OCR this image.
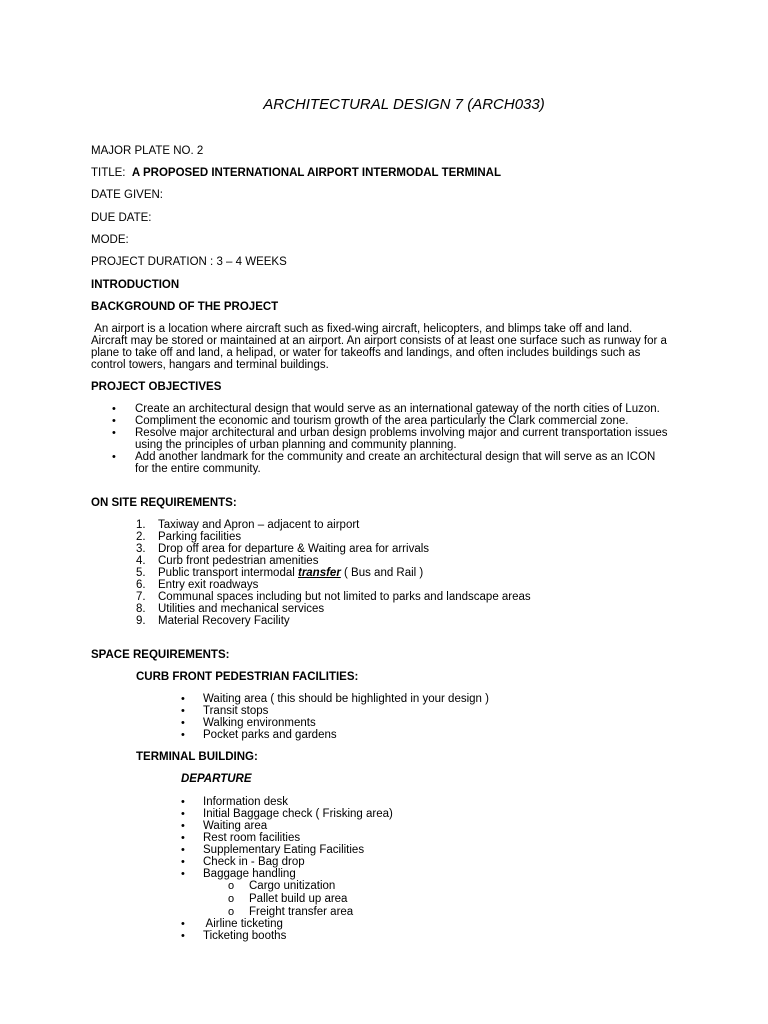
ARCHITECTURAL DESIGN 7 (ARCH033)
MAJOR PLATE NO. 2
TITLE: A PROPOSED INTERNATIONAL AIRPORT INTERMODAL TERMINAL
DATE GIVEN:
DUE DATE:
MODE:
PROJECT DURATION : 3 – 4 WEEKS
INTRODUCTION
BACKGROUND OF THE PROJECT
An airport is a location where aircraft such as fixed-wing aircraft, helicopters, and blimps take off and land. Aircraft may be stored or maintained at an airport. An airport consists of at least one surface such as runway for a plane to take off and land, a helipad, or water for takeoffs and landings, and often includes buildings such as control towers, hangars and terminal buildings.
PROJECT OBJECTIVES
• Create an architectural design that would serve as an international gateway of the north cities of Luzon.
• Compliment the economic and tourism growth of the area particularly the Clark commercial zone.
• Resolve major architectural and urban design problems involving major and current transportation issues using the principles of urban planning and community planning.
• Add another landmark for the community and create an architectural design that will serve as an ICON for the entire community.
ON SITE REQUIREMENTS:
1. Taxiway and Apron – adjacent to airport
2. Parking facilities
3. Drop off area for departure & Waiting area for arrivals
4. Curb front pedestrian amenities
5. Public transport intermodal transfer ( Bus and Rail )
6. Entry exit roadways
7. Communal spaces including but not limited to parks and landscape areas
8. Utilities and mechanical services
9. Material Recovery Facility
SPACE REQUIREMENTS:
CURB FRONT PEDESTRIAN FACILITIES:
• Waiting area ( this should be highlighted in your design )
• Transit stops
• Walking environments
• Pocket parks and gardens
TERMINAL BUILDING:
DEPARTURE
• Information desk
• Initial Baggage check ( Frisking area)
• Waiting area
• Rest room facilities
• Supplementary Eating Facilities
• Check in - Bag drop
• Baggage handling
o Cargo unitization
o Pallet build up area
o Freight transfer area
•  Airline ticketing
• Ticketing booths
